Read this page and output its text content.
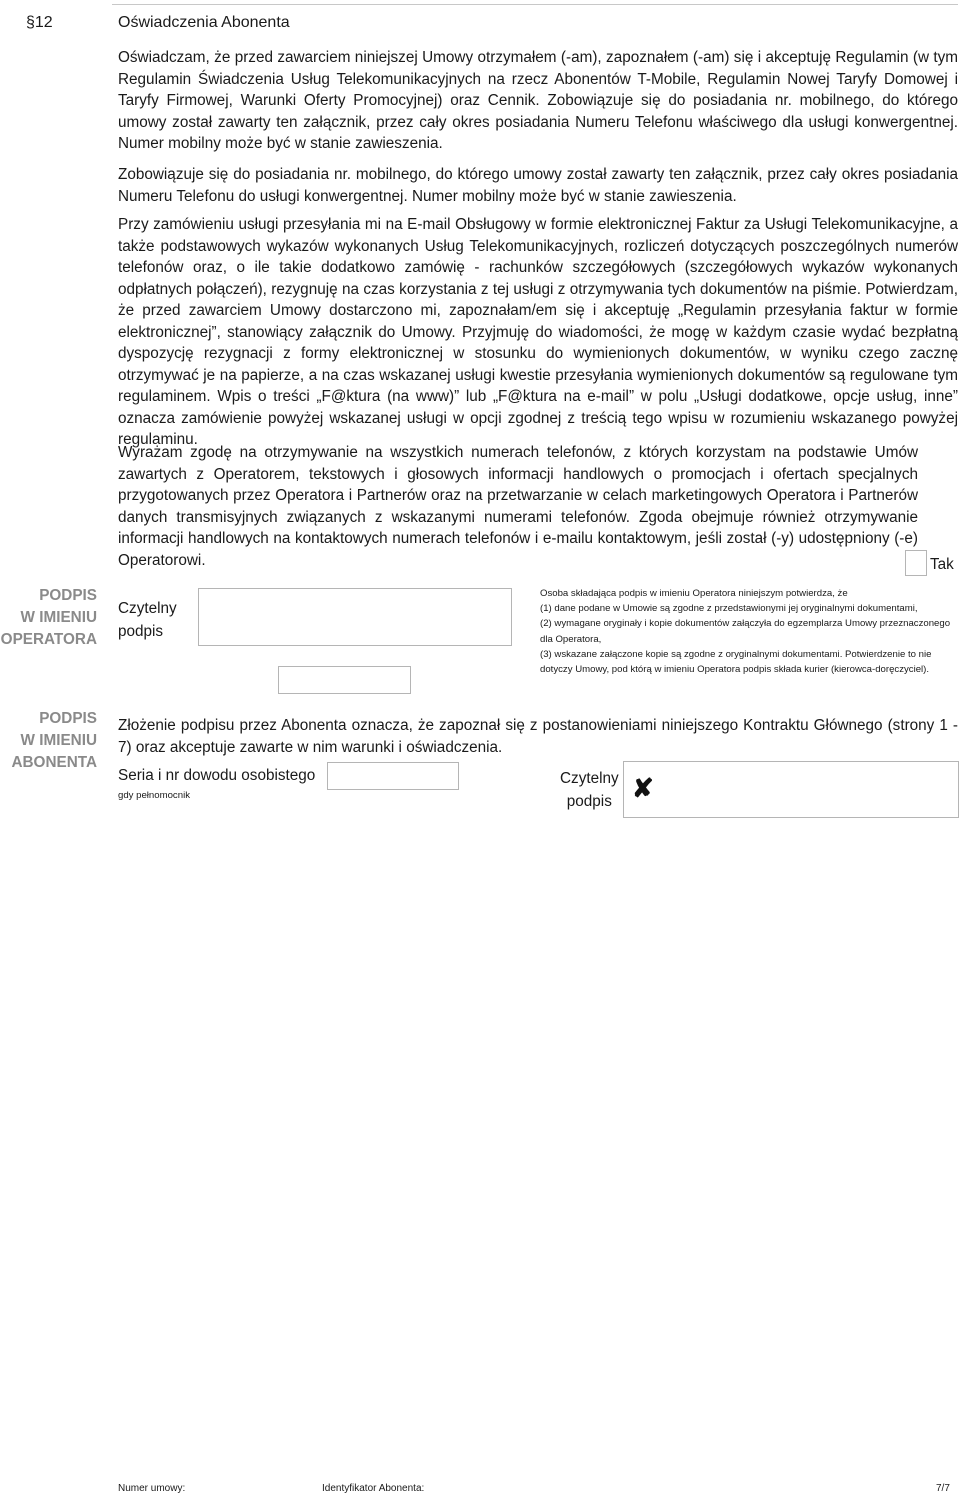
§12	Oświadczenia Abonenta

Oświadczam, że przed zawarciem niniejszej Umowy otrzymałem (-am), zapoznałem (-am) się i akceptuję Regulamin (w tym Regulamin Świadczenia Usług Telekomunikacyjnych na rzecz Abonentów T-Mobile, Regulamin Nowej Taryfy Domowej i Taryfy Firmowej, Warunki Oferty Promocyjnej) oraz Cennik. Zobowiązuje się do posiadania nr. mobilnego, do którego umowy został zawarty ten załącznik, przez cały okres posiadania Numeru Telefonu właściwego dla usługi konwergentnej. Numer mobilny może być w stanie zawieszenia.

Zobowiązuje się do posiadania nr. mobilnego, do którego umowy został zawarty ten załącznik, przez cały okres posiadania Numeru Telefonu do usługi konwergentnej. Numer mobilny może być w stanie zawieszenia.

Przy zamówieniu usługi przesyłania mi na E-mail Obsługowy w formie elektronicznej Faktur za Usługi Telekomunikacyjne, a także podstawowych wykazów wykonanych Usług Telekomunikacyjnych, rozliczeń dotyczących poszczególnych numerów telefonów oraz, o ile takie dodatkowo zamówię - rachunków szczegółowych (szczegółowych wykazów wykonanych odpłatnych połączeń), rezygnuję na czas korzystania z tej usługi z otrzymywania tych dokumentów na piśmie. Potwierdzam, że przed zawarciem Umowy dostarczono mi, zapoznałam/em się i akceptuję „Regulamin przesyłania faktur w formie elektronicznej”, stanowiący załącznik do Umowy. Przyjmuję do wiadomości, że mogę w każdym czasie wydać bezpłatną dyspozycję rezygnacji z formy elektronicznej w stosunku do wymienionych dokumentów, w wyniku czego zacznę otrzymywać je na papierze, a na czas wskazanej usługi kwestie przesyłania wymienionych dokumentów są regulowane tym regulaminem. Wpis o treści „F@ktura (na www)” lub „F@ktura na e-mail” w polu „Usługi dodatkowe, opcje usług, inne” oznacza zamówienie powyżej wskazanej usługi w opcji zgodnej z treścią tego wpisu w rozumieniu wskazanego powyżej regulaminu.

Wyrażam zgodę na otrzymywanie na wszystkich numerach telefonów, z których korzystam na podstawie Umów zawartych z Operatorem, tekstowych i głosowych informacji handlowych o promocjach i ofertach specjalnych przygotowanych przez Operatora i Partnerów oraz na przetwarzanie w celach marketingowych Operatora i Partnerów danych transmisyjnych związanych z wskazanymi numerami telefonów. Zgoda obejmuje również otrzymywanie informacji handlowych na kontaktowych numerach telefonów i e-mailu kontaktowym, jeśli został (-y) udostępniony (-e) Operatorowi.	Tak
PODPIS
W IMIENIU
OPERATORA
Czytelny
podpis

Osoba składająca podpis w imieniu Operatora niniejszym potwierdza, że
(1) dane podane w Umowie są zgodne z przedstawionymi jej oryginalnymi dokumentami,
(2) wymagane oryginały i kopie dokumentów załączyła do egzemplarza Umowy przeznaczonego dla Operatora,
(3) wskazane załączone kopie są zgodne z oryginalnymi dokumentami. Potwierdzenie to nie dotyczy Umowy, pod którą w imieniu Operatora podpis składa kurier (kierowca-doręczyciel).

PODPIS
W IMIENIU
ABONENTA

Złożenie podpisu przez Abonenta oznacza, że zapoznał się z postanowieniami niniejszego Kontraktu Głównego (strony 1 - 7) oraz akceptuje zawarte w nim warunki i oświadczenia.

Seria i nr dowodu osobistego
gdy pełnomocnik
Czytelny
podpis ✘
Numer umowy:	Identyfikator Abonenta:	7/7
